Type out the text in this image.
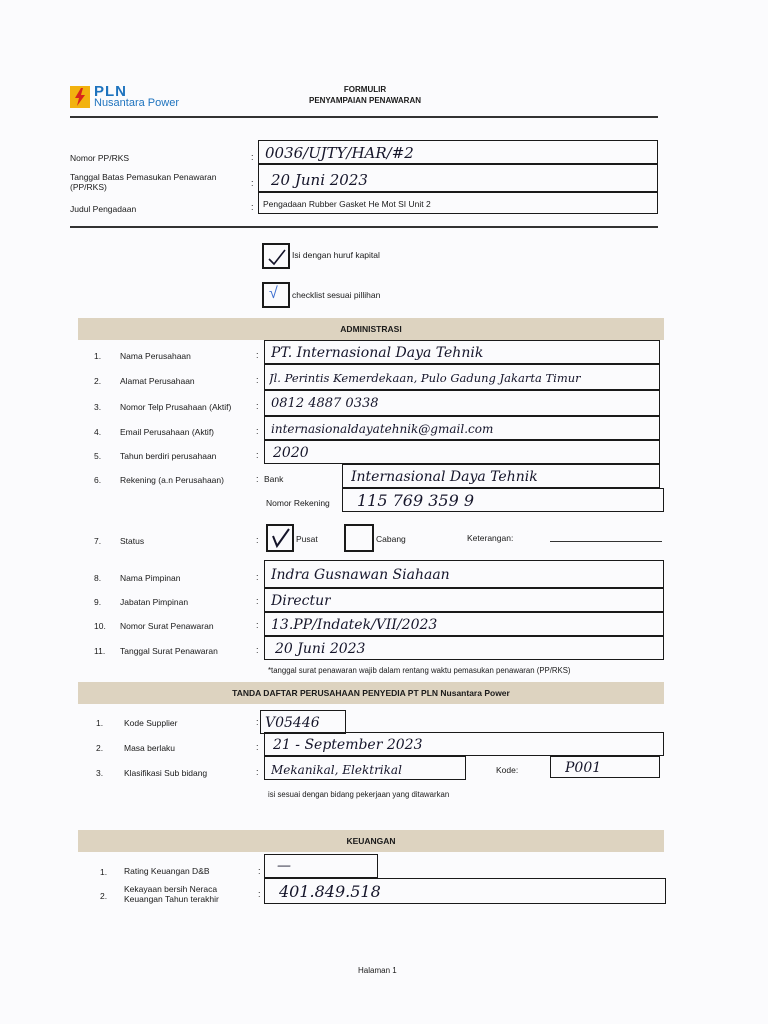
PLN
Nusantara Power
FORMULIR
PENYAMPAIAN PENAWARAN
Nomor PP/RKS	: 0036/UJTY/HAR/#2
Tanggal Batas Pemasukan Penawaran
(PP/RKS)	: 20 Juni 2023
Judul Pengadaan	: Pengadaan Rubber Gasket He Mot SI Unit 2
Isi dengan huruf kapital
√ checklist sesuai pillihan
ADMINISTRASI
1. Nama Perusahaan	: PT. Internasional Daya Tehnik
2. Alamat Perusahaan	: Jl. Perintis Kemerdekaan, Pulo Gadung Jakarta Timur
3. Nomor Telp Prusahaan (Aktif)	: 0812 4887 0338
4. Email Perusahaan (Aktif)	: internasionaldayatehnik@gmail.com
5. Tahun berdiri perusahaan	: 2020
6. Rekening (a.n Perusahaan)	: Bank	Internasional Daya Tehnik
Nomor Rekening 115 769 359 9
7. Status	:	Pusat	Cabang	Keterangan:
8. Nama Pimpinan	: Indra Gusnawan Siahaan
9. Jabatan Pimpinan	: Directur
10. Nomor Surat Penawaran	: 13.PP/Indatek/VII/2023
11. Tanggal Surat Penawaran	: 20 Juni 2023
*tanggal surat penawaran wajib dalam rentang waktu pemasukan penawaran (PP/RKS)
TANDA DAFTAR PERUSAHAAN PENYEDIA PT PLN Nusantara Power
1. Kode Supplier	: V05446
2. Masa berlaku	: 21 - September 2023
3. Klasifikasi Sub bidang	: Mekanikal, Elektrikal	Kode:	P001
isi sesuai dengan bidang pekerjaan yang ditawarkan
KEUANGAN
1. Rating Keuangan D&B	: —
2.
Kekayaan bersih Neraca
Keuangan Tahun terakhir	: 401.849.518
Halaman 1
